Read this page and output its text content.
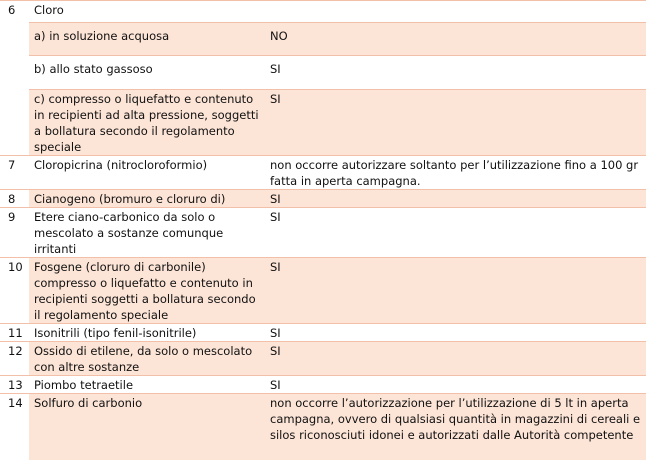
6	Cloro	
	a) in soluzione acquosa	NO
	b) allo stato gassoso	SI
	c) compresso o liquefatto e contenuto in recipienti ad alta pressione, soggetti a bollatura secondo il regolamento speciale	SI
7	Cloropicrina (nitrocloroformio)	non occorre autorizzare soltanto per l’utilizzazione fino a 100 gr fatta in aperta campagna.
8	Cianogeno (bromuro e cloruro di)	SI
9	Etere ciano-carbonico da solo o mescolato a sostanze comunque irritanti	SI
10	Fosgene (cloruro di carbonile) compresso o liquefatto e contenuto in recipienti soggetti a bollatura secondo il regolamento speciale	SI
11	Isonitrili (tipo fenil-isonitrile)	SI
12	Ossido di etilene, da solo o mescolato con altre sostanze	SI
13	Piombo tetraetile	SI
14	Solfuro di carbonio	non occorre l’autorizzazione per l’utilizzazione di 5 lt in aperta campagna, ovvero di qualsiasi quantità in magazzini di cereali e silos riconosciuti idonei e autorizzati dalle Autorità competente
